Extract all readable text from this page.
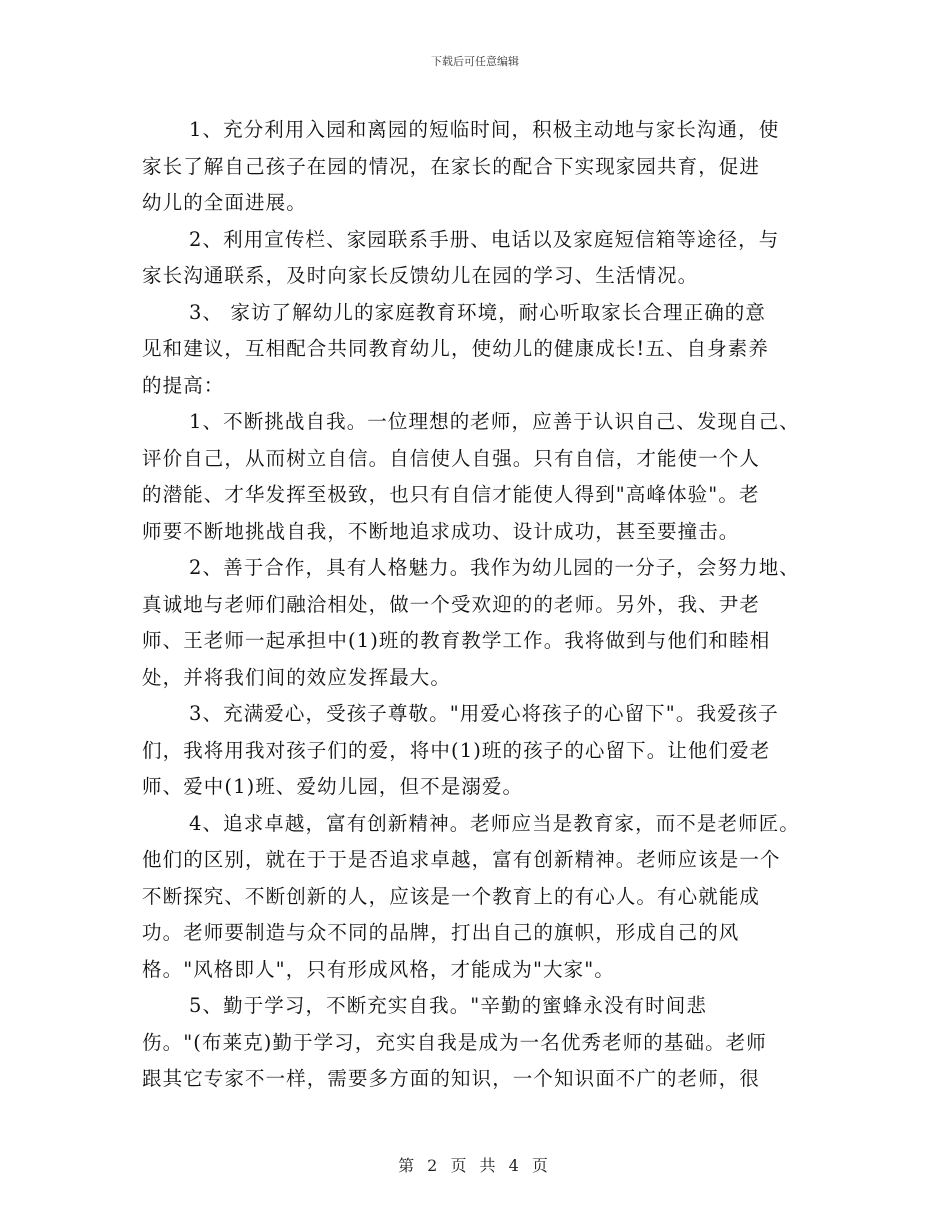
下载后可任意编辑
1、充分利用入园和离园的短临时间，积极主动地与家长沟通，使
家长了解自己孩子在园的情况，在家长的配合下实现家园共育，促进
幼儿的全面进展。
2、利用宣传栏、家园联系手册、电话以及家庭短信箱等途径，与
家长沟通联系，及时向家长反馈幼儿在园的学习、生活情况。
3、 家访了解幼儿的家庭教育环境，耐心听取家长合理正确的意
见和建议，互相配合共同教育幼儿，使幼儿的健康成长!五、自身素养
的提高：
1、不断挑战自我。一位理想的老师，应善于认识自己、发现自己、
评价自己，从而树立自信。自信使人自强。只有自信，才能使一个人
的潜能、才华发挥至极致，也只有自信才能使人得到"高峰体验"。老
师要不断地挑战自我，不断地追求成功、设计成功，甚至要撞击。
2、善于合作，具有人格魅力。我作为幼儿园的一分子，会努力地、
真诚地与老师们融洽相处，做一个受欢迎的的老师。另外，我、尹老
师、王老师一起承担中(1)班的教育教学工作。我将做到与他们和睦相
处，并将我们间的效应发挥最大。
3、充满爱心，受孩子尊敬。"用爱心将孩子的心留下"。我爱孩子
们，我将用我对孩子们的爱，将中(1)班的孩子的心留下。让他们爱老
师、爱中(1)班、爱幼儿园，但不是溺爱。
4、追求卓越，富有创新精神。老师应当是教育家，而不是老师匠。
他们的区别，就在于于是否追求卓越，富有创新精神。老师应该是一个
不断探究、不断创新的人，应该是一个教育上的有心人。有心就能成
功。老师要制造与众不同的品牌，打出自己的旗帜，形成自己的风
格。"风格即人"，只有形成风格，才能成为"大家"。
5、勤于学习，不断充实自我。"辛勤的蜜蜂永没有时间悲
伤。"(布莱克)勤于学习，充实自我是成为一名优秀老师的基础。老师
跟其它专家不一样，需要多方面的知识，一个知识面不广的老师，很
第 2 页 共 4 页
